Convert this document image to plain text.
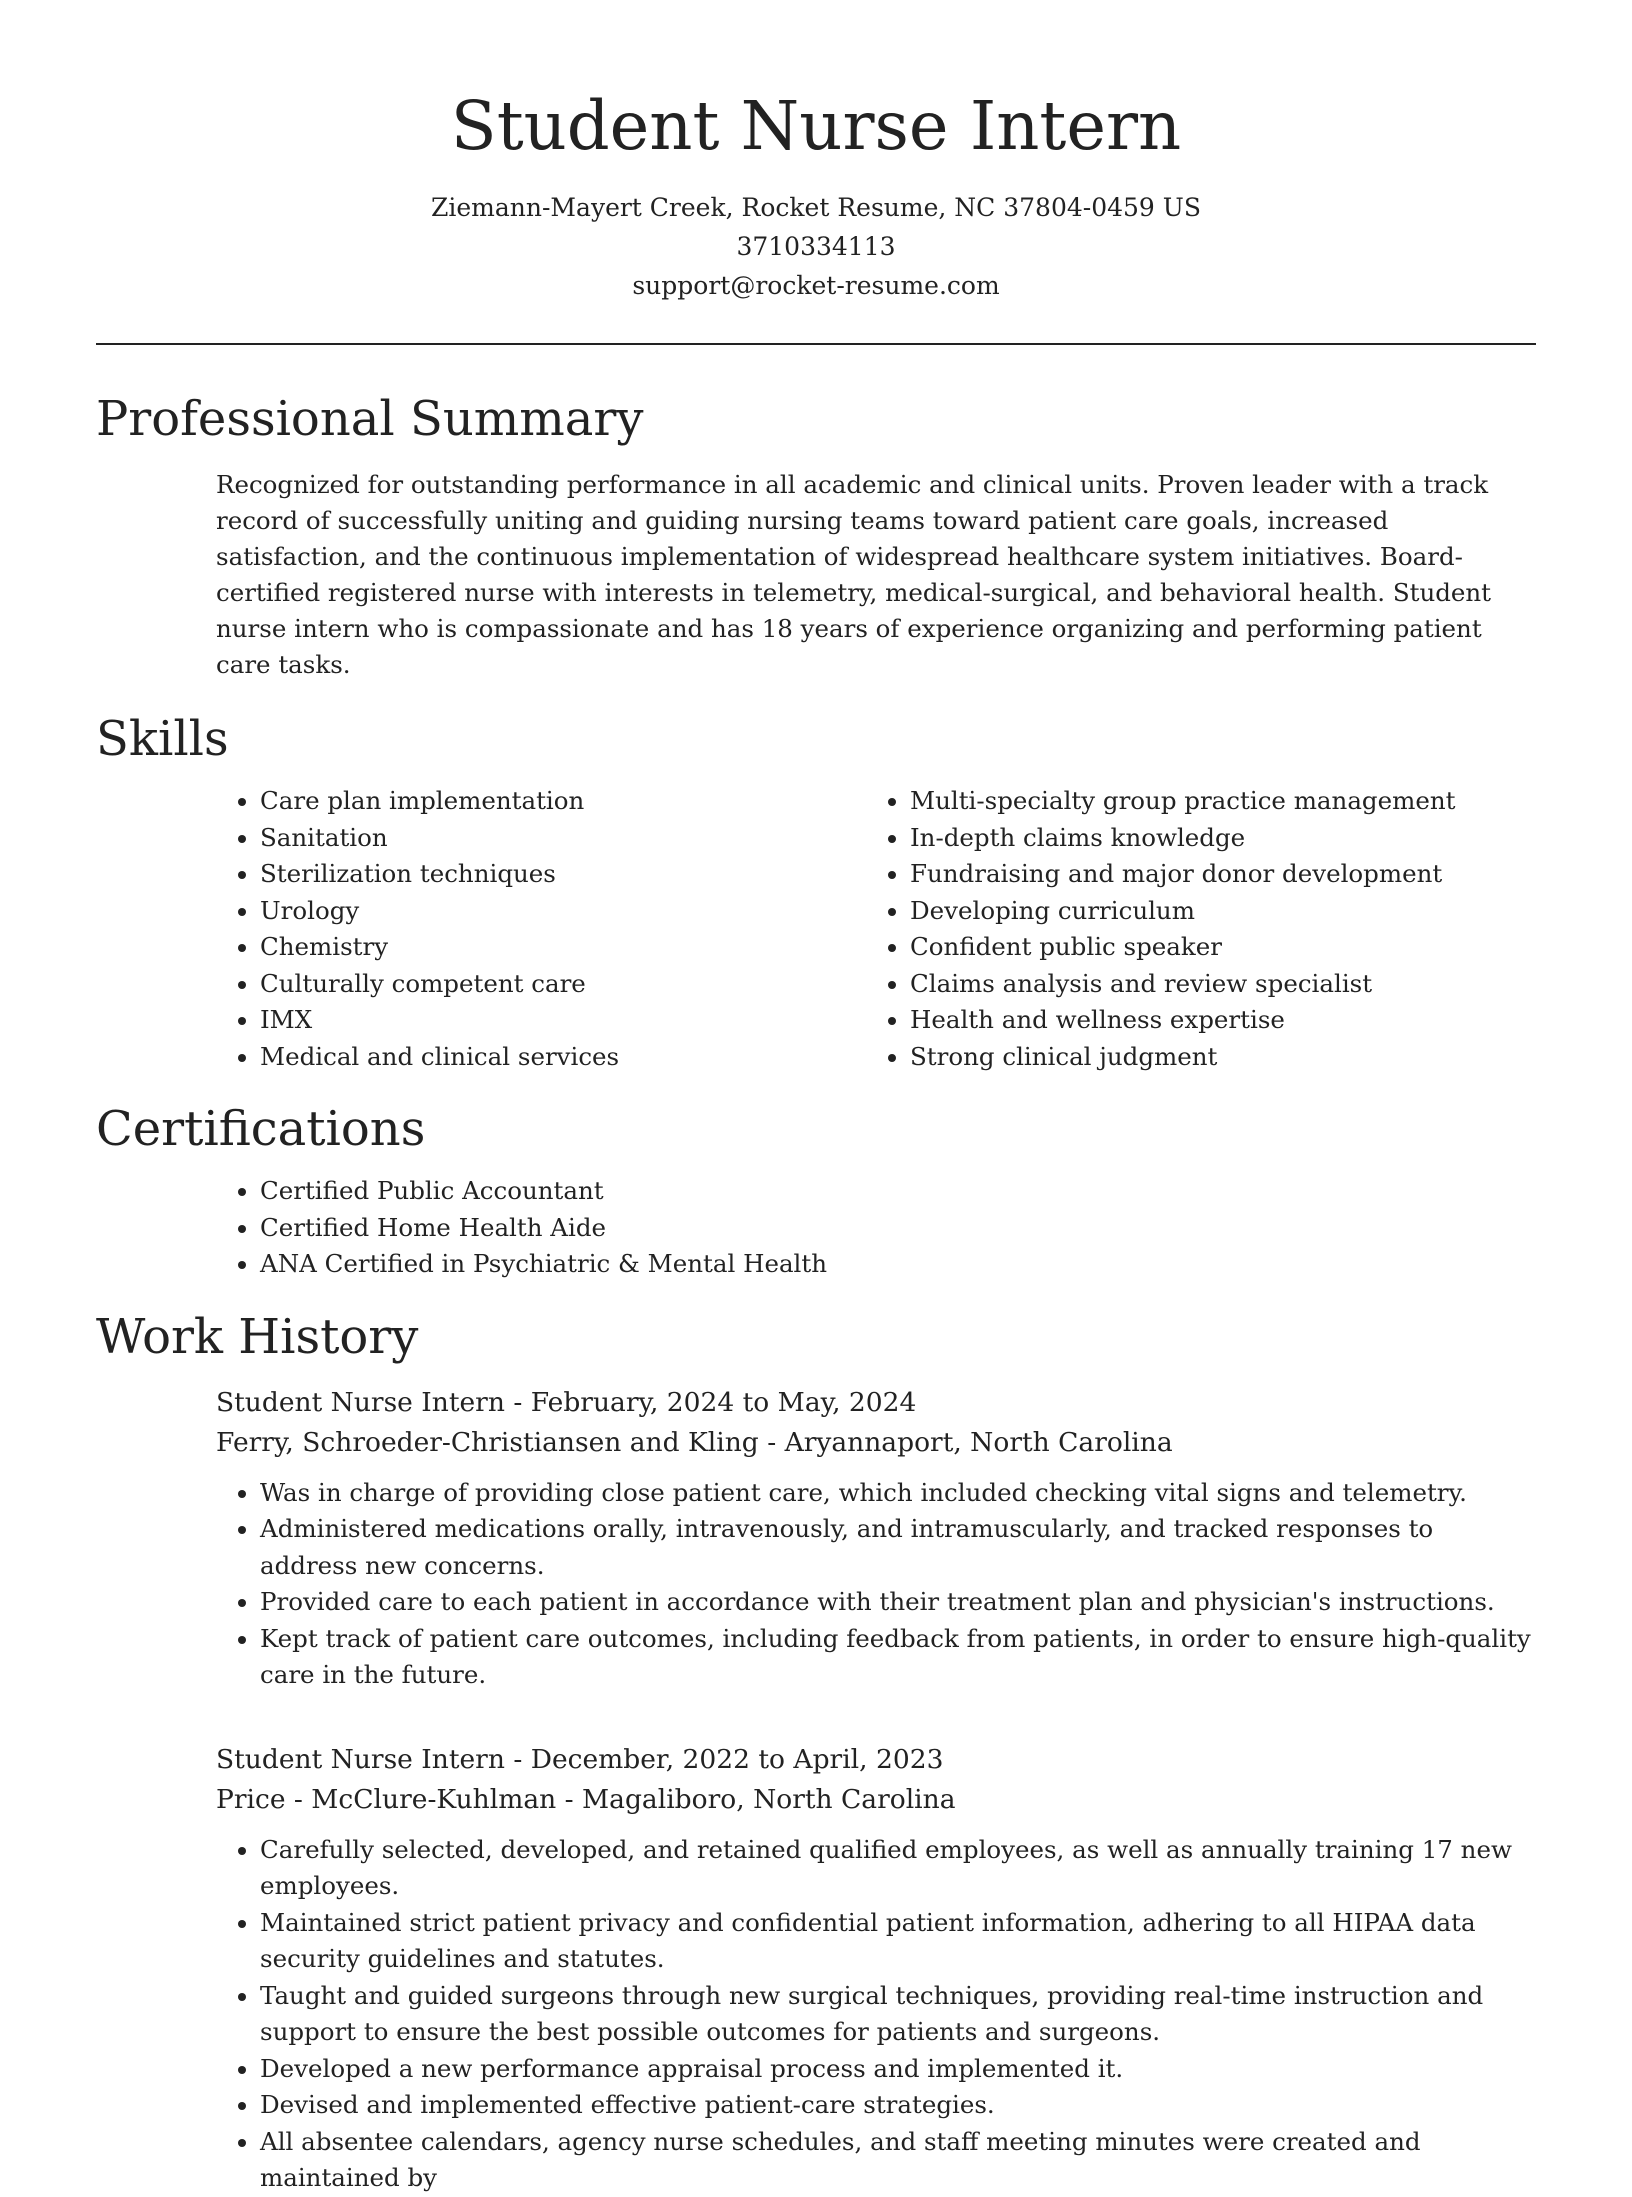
Student Nurse Intern
Ziemann-Mayert Creek, Rocket Resume, NC 37804-0459 US
3710334113
support@rocket-resume.com
Professional Summary

Recognized for outstanding performance in all academic and clinical units. Proven leader with a track record of successfully uniting and guiding nursing teams toward patient care goals, increased satisfaction, and the continuous implementation of widespread healthcare system initiatives. Board-certified registered nurse with interests in telemetry, medical-surgical, and behavioral health. Student nurse intern who is compassionate and has 18 years of experience organizing and performing patient care tasks.

Skills
• Care plan implementation
• Sanitation
• Sterilization techniques
• Urology
• Chemistry
• Culturally competent care
• IMX
• Medical and clinical services
• Multi-specialty group practice management
• In-depth claims knowledge
• Fundraising and major donor development
• Developing curriculum
• Confident public speaker
• Claims analysis and review specialist
• Health and wellness expertise
• Strong clinical judgment
Certifications
• Certified Public Accountant
• Certified Home Health Aide
• ANA Certified in Psychiatric & Mental Health
Work History
Student Nurse Intern - February, 2024 to May, 2024
Ferry, Schroeder-Christiansen and Kling - Aryannaport, North Carolina
• Was in charge of providing close patient care, which included checking vital signs and telemetry.
• Administered medications orally, intravenously, and intramuscularly, and tracked responses to address new concerns.
• Provided care to each patient in accordance with their treatment plan and physician's instructions.
• Kept track of patient care outcomes, including feedback from patients, in order to ensure high-quality care in the future.
Student Nurse Intern - December, 2022 to April, 2023
Price - McClure-Kuhlman - Magaliboro, North Carolina
• Carefully selected, developed, and retained qualified employees, as well as annually training 17 new employees.
• Maintained strict patient privacy and confidential patient information, adhering to all HIPAA data security guidelines and statutes.
• Taught and guided surgeons through new surgical techniques, providing real-time instruction and support to ensure the best possible outcomes for patients and surgeons.
• Developed a new performance appraisal process and implemented it.
• Devised and implemented effective patient-care strategies.
• All absentee calendars, agency nurse schedules, and staff meeting minutes were created and maintained by
